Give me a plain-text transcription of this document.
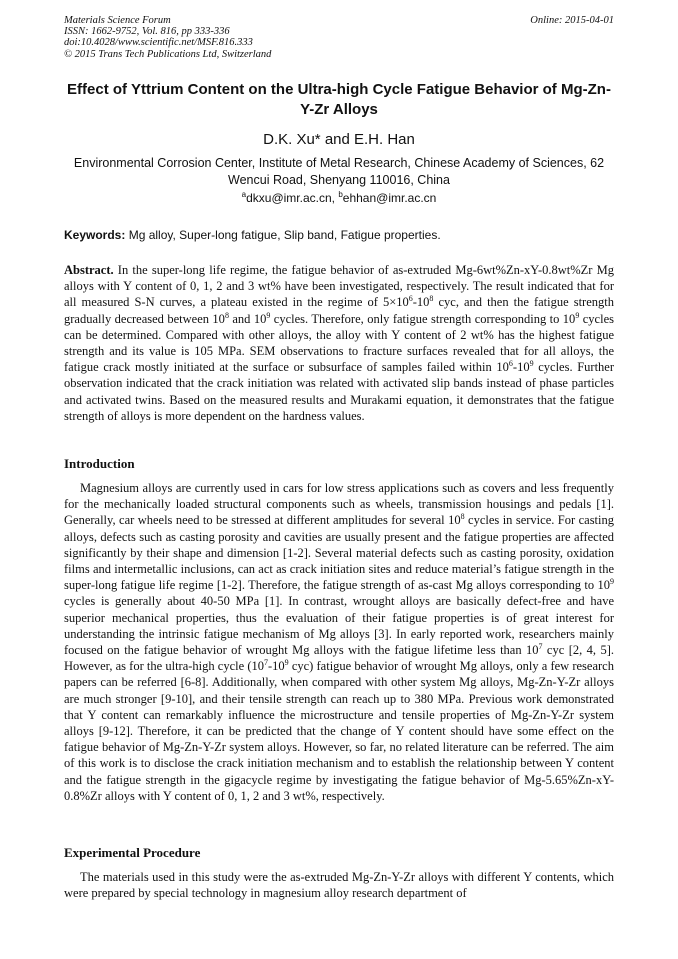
Materials Science Forum
ISSN: 1662-9752, Vol. 816, pp 333-336
doi:10.4028/www.scientific.net/MSF.816.333
© 2015 Trans Tech Publications Ltd, Switzerland
Online: 2015-04-01
Effect of Yttrium Content on the Ultra-high Cycle Fatigue Behavior of Mg-Zn-Y-Zr Alloys
D.K. Xu* and E.H. Han
Environmental Corrosion Center, Institute of Metal Research, Chinese Academy of Sciences, 62 Wencui Road, Shenyang 110016, China
$^a$dkxu@imr.ac.cn, $^b$ehhan@imr.ac.cn
Keywords: Mg alloy, Super-long fatigue, Slip band, Fatigue properties.
Abstract. In the super-long life regime, the fatigue behavior of as-extruded Mg-6wt%Zn-xY-0.8wt%Zr Mg alloys with Y content of 0, 1, 2 and 3 wt% have been investigated, respectively. The result indicated that for all measured S-N curves, a plateau existed in the regime of $5\times 10^6-10^8$ cyc, and then the fatigue strength gradually decreased between $10^8$ and $10^9$ cycles. Therefore, only fatigue strength corresponding to $10^9$ cycles can be determined. Compared with other alloys, the alloy with Y content of 2 wt% has the highest fatigue strength and its value is 105 MPa. SEM observations to fracture surfaces revealed that for all alloys, the fatigue crack mostly initiated at the surface or subsurface of samples failed within $10^6-10^9$ cycles. Further observation indicated that the crack initiation was related with activated slip bands instead of phase particles and activated twins. Based on the measured results and Murakami equation, it demonstrates that the fatigue strength of alloys is more dependent on the hardness values.
Introduction
Magnesium alloys are currently used in cars for low stress applications such as covers and less frequently for the mechanically loaded structural components such as wheels, transmission housings and pedals [1]. Generally, car wheels need to be stressed at different amplitudes for several $10^8$ cycles in service. For casting alloys, defects such as casting porosity and cavities are usually present and the fatigue properties are affected significantly by their shape and dimension [1-2]. Several material defects such as casting porosity, oxidation films and intermetallic inclusions, can act as crack initiation sites and reduce material’s fatigue strength in the super-long fatigue life regime [1-2]. Therefore, the fatigue strength of as-cast Mg alloys corresponding to $10^9$ cycles is generally about 40-50 MPa [1]. In contrast, wrought alloys are basically defect-free and have superior mechanical properties, thus the evaluation of their fatigue properties is of great interest for understanding the intrinsic fatigue mechanism of Mg alloys [3]. In early reported work, researchers mainly focused on the fatigue behavior of wrought Mg alloys with the fatigue lifetime less than $10^7$ cyc [2, 4, 5]. However, as for the ultra-high cycle ($10^7-10^9$ cyc) fatigue behavior of wrought Mg alloys, only a few research papers can be referred [6-8]. Additionally, when compared with other system Mg alloys, Mg-Zn-Y-Zr alloys are much stronger [9-10], and their tensile strength can reach up to 380 MPa. Previous work demonstrated that Y content can remarkably influence the microstructure and tensile properties of Mg-Zn-Y-Zr system alloys [9-12]. Therefore, it can be predicted that the change of Y content should have some effect on the fatigue behavior of Mg-Zn-Y-Zr system alloys. However, so far, no related literature can be referred. The aim of this work is to disclose the crack initiation mechanism and to establish the relationship between Y content and the fatigue strength in the gigacycle regime by investigating the fatigue behavior of Mg-5.65%Zn-xY-0.8%Zr alloys with Y content of 0, 1, 2 and 3 wt%, respectively.
Experimental Procedure
The materials used in this study were the as-extruded Mg-Zn-Y-Zr alloys with different Y contents, which were prepared by special technology in magnesium alloy research department of
